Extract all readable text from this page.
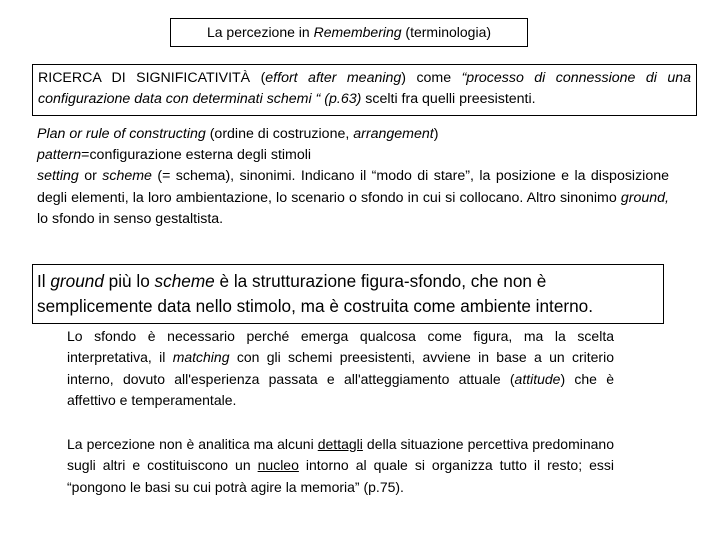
La percezione in Remembering (terminologia)
RICERCA DI SIGNIFICATIVITÀ (effort after meaning) come “processo di connessione di una configurazione data con determinati schemi “ (p.63) scelti fra quelli preesistenti.
Plan or rule of constructing (ordine di costruzione, arrangement)
pattern=configurazione esterna degli stimoli
setting or scheme (= schema), sinonimi. Indicano il “modo di stare”, la posizione e la disposizione degli elementi, la loro ambientazione, lo scenario o sfondo in cui si collocano. Altro sinonimo ground, lo sfondo in senso gestaltista.
Il ground più lo scheme è la strutturazione figura-sfondo, che non è semplicemente data nello stimolo, ma è costruita come ambiente interno.
Lo sfondo è necessario perché emerga qualcosa come figura, ma la scelta interpretativa, il matching con gli schemi preesistenti, avviene in base a un criterio interno, dovuto all'esperienza passata e all'atteggiamento attuale (attitude) che è affettivo e temperamentale.
La percezione non è analitica ma alcuni dettagli della situazione percettiva predominano sugli altri e costituiscono un nucleo intorno al quale si organizza tutto il resto; essi “pongono le basi su cui potrà agire la memoria” (p.75).
